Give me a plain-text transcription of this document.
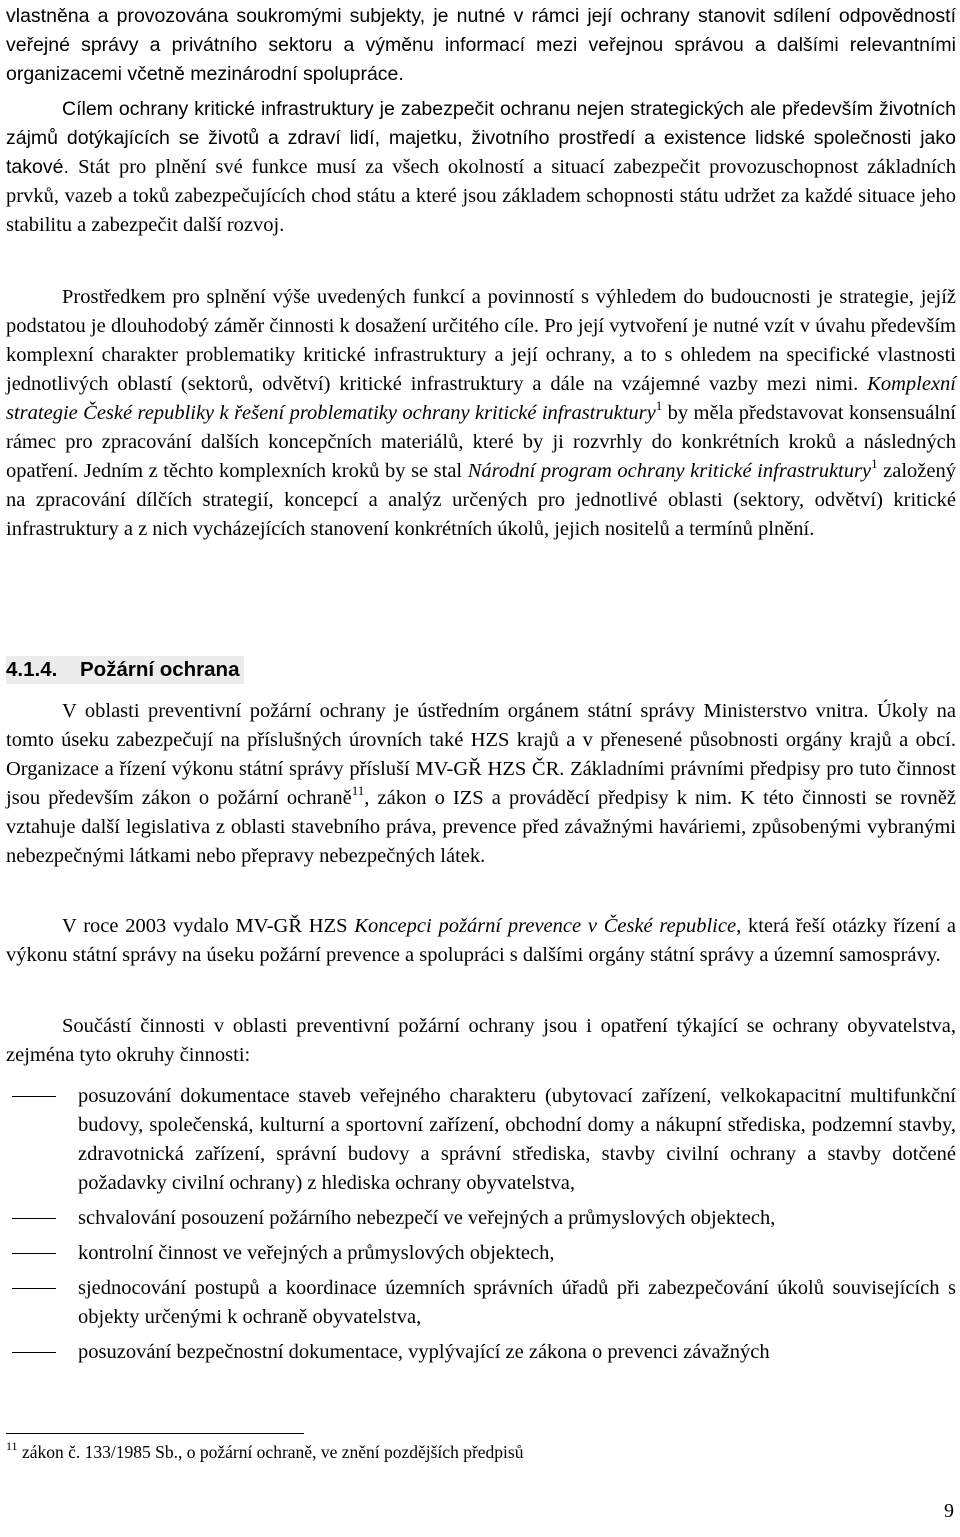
vlastněna a provozována soukromými subjekty, je nutné v rámci její ochrany stanovit sdílení odpovědností veřejné správy a privátního sektoru a výměnu informací mezi veřejnou správou a dalšími relevantními organizacemi včetně mezinárodní spolupráce.

Cílem ochrany kritické infrastruktury je zabezpečit ochranu nejen strategických ale především životních zájmů dotýkajících se životů a zdraví lidí, majetku, životního prostředí a existence lidské společnosti jako takové. Stát pro plnění své funkce musí za všech okolností a situací zabezpečit provozuschopnost základních prvků, vazeb a toků zabezpečujících chod státu a které jsou základem schopnosti státu udržet za každé situace jeho stabilitu a zabezpečit další rozvoj.

Prostředkem pro splnění výše uvedených funkcí a povinností s výhledem do budoucnosti je strategie, jejíž podstatou je dlouhodobý záměr činnosti k dosažení určitého cíle. Pro její vytvoření je nutné vzít v úvahu především komplexní charakter problematiky kritické infrastruktury a její ochrany, a to s ohledem na specifické vlastnosti jednotlivých oblastí (sektorů, odvětví) kritické infrastruktury a dále na vzájemné vazby mezi nimi. Komplexní strategie České republiky k řešení problematiky ochrany kritické infrastruktury$^1$ by měla představovat konsensuální rámec pro zpracování dalších koncepčních materiálů, které by ji rozvrhly do konkrétních kroků a následných opatření. Jedním z těchto komplexních kroků by se stal Národní program ochrany kritické infrastruktury$^1$ založený na zpracování dílčích strategií, koncepcí a analýz určených pro jednotlivé oblasti (sektory, odvětví) kritické infrastruktury a z nich vycházejících stanovení konkrétních úkolů, jejich nositelů a termínů plnění.

4.1.4. Požární ochrana

V oblasti preventivní požární ochrany je ústředním orgánem státní správy Ministerstvo vnitra. Úkoly na tomto úseku zabezpečují na příslušných úrovních také HZS krajů a v přenesené působnosti orgány krajů a obcí. Organizace a řízení výkonu státní správy přísluší MV-GŘ HZS ČR. Základními právními předpisy pro tuto činnost jsou především zákon o požární ochraně$^{11}$, zákon o IZS a prováděcí předpisy k nim. K této činnosti se rovněž vztahuje další legislativa z oblasti stavebního práva, prevence před závažnými haváriemi, způsobenými vybranými nebezpečnými látkami nebo přepravy nebezpečných látek.

V roce 2003 vydalo MV-GŘ HZS Koncepci požární prevence v České republice, která řeší otázky řízení a výkonu státní správy na úseku požární prevence a spolupráci s dalšími orgány státní správy a územní samosprávy.

Součástí činnosti v oblasti preventivní požární ochrany jsou i opatření týkající se ochrany obyvatelstva, zejména tyto okruhy činnosti:

posuzování dokumentace staveb veřejného charakteru (ubytovací zařízení, velkokapacitní multifunkční budovy, společenská, kulturní a sportovní zařízení, obchodní domy a nákupní střediska, podzemní stavby, zdravotnická zařízení, správní budovy a správní střediska, stavby civilní ochrany a stavby dotčené požadavky civilní ochrany) z hlediska ochrany obyvatelstva,
schvalování posouzení požárního nebezpečí ve veřejných a průmyslových objektech,
kontrolní činnost ve veřejných a průmyslových objektech,
sjednocování postupů a koordinace územních správních úřadů při zabezpečování úkolů souvisejících s objekty určenými k ochraně obyvatelstva,
posuzování bezpečnostní dokumentace, vyplývající ze zákona o prevenci závažných

$^{11}$ zákon č. 133/1985 Sb., o požární ochraně, ve znění pozdějších předpisů

9
